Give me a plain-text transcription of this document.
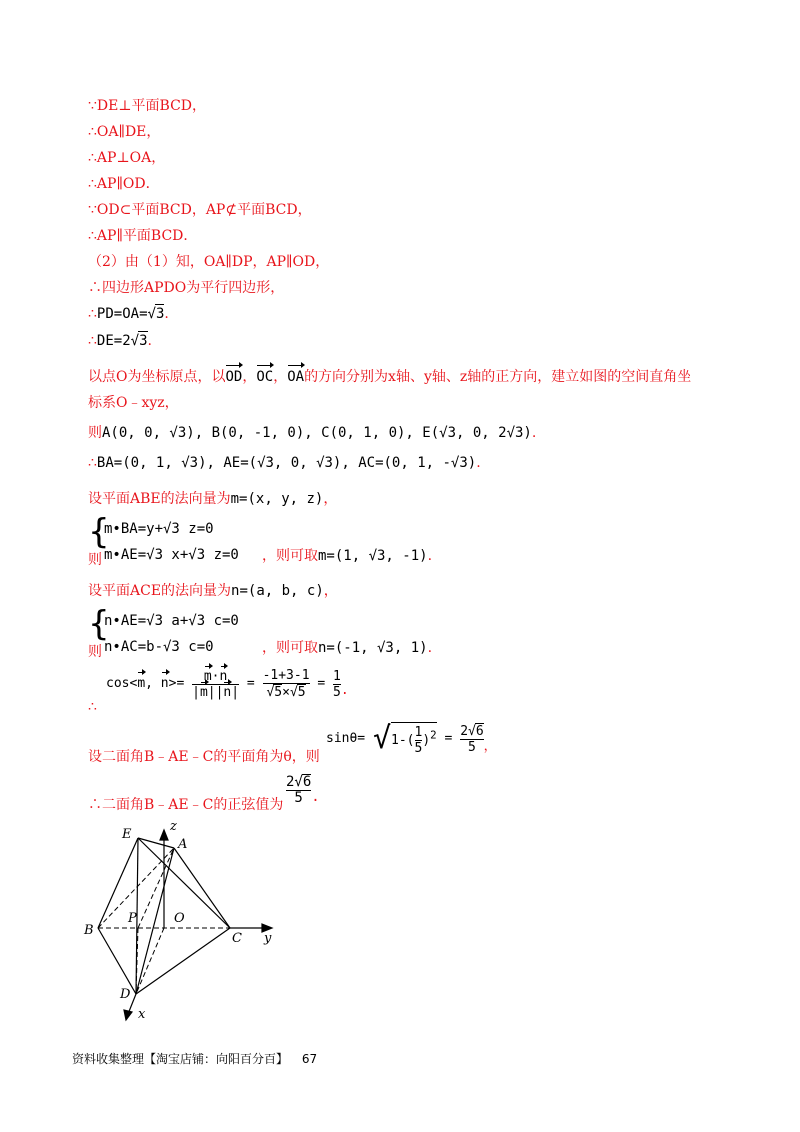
∵DE⊥平面BCD，
∴OA∥DE，
∴AP⊥OA，
∴AP∥OD．
∵OD⊂平面BCD，AP⊄平面BCD，
∴AP∥平面BCD．
（2）由（1）知，OA∥DP，AP∥OD，
∴四边形APDO为平行四边形，
∴PD=OA=√3.
∴DE=2√3.
以点O为坐标原点，以OD，OC，OA的方向分别为x轴、y轴、z轴的正方向，建立如图的空间直角坐
标系O﹣xyz，
则A(0, 0, √3), B(0, -1, 0), C(0, 1, 0), E(√3, 0, 2√3).
∴BA=(0, 1, √3), AE=(√3, 0, √3), AC=(0, 1, -√3).
设平面ABE的法向量为m=(x, y, z)，
{
m•BA=y+√3 z=0
m•AE=√3 x+√3 z=0
则	，则可取m=(1, √3, -1).
设平面ACE的法向量为n=(a, b, c)，
{
n•AE=√3 a+√3 c=0
n•AC=b-√3 c=0
则	，则可取n=(-1, √3, 1).
∴
cos<m, $n>= \frac{m\cdot n}{|m||n|} = \frac{-1+3-1}{√5\times√5} = \frac{1}{5}$ .
设二面角B﹣AE﹣C的平面角为θ，则
$\sin\theta= √1-( \frac{1}{5} )^2 = \frac{2√6}{5}$ ，
∴二面角B﹣AE﹣C的正弦值为 $\frac{2√6}{5}$ .
E
A
z
P	O
B
C y
D
x
资料收集整理【淘宝店铺：向阳百分百】 67
